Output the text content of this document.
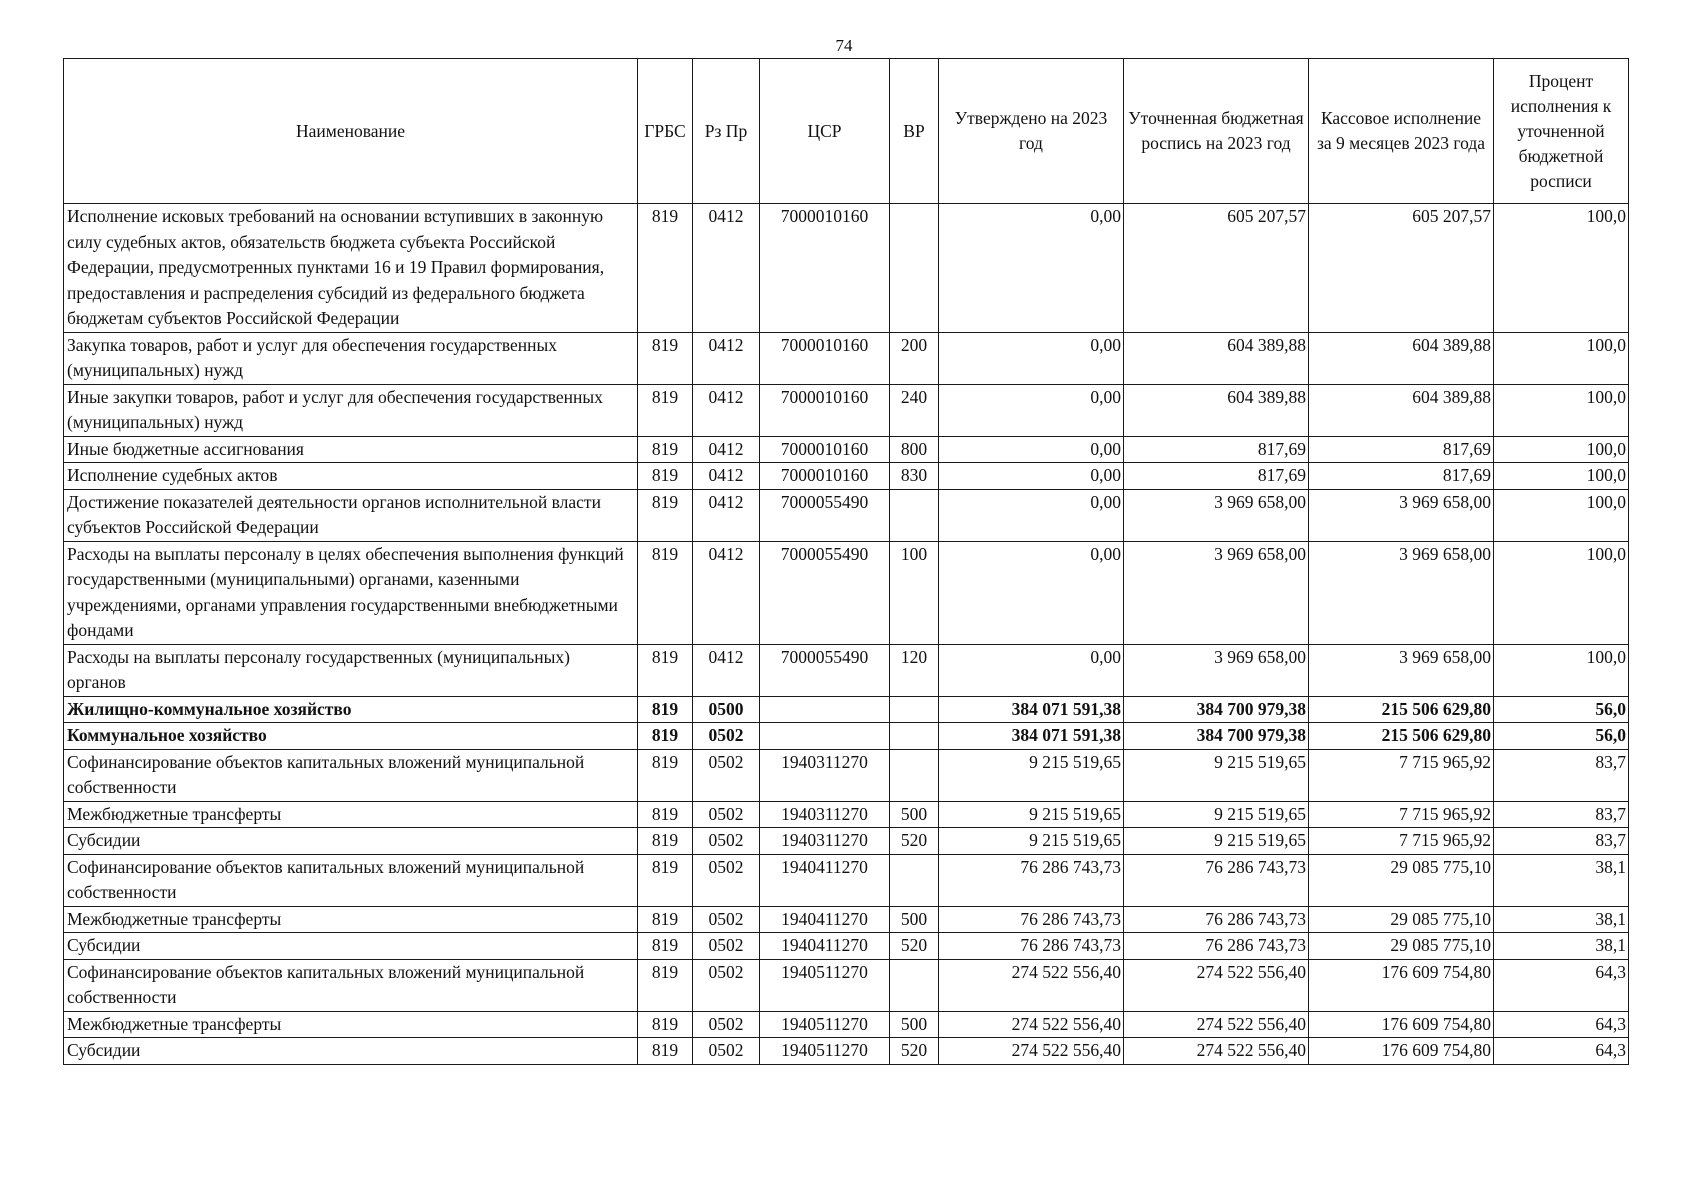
74
Наименование	ГРБС	Рз Пр	ЦСР	ВР	Утверждено на 2023 год	Уточненная бюджетная роспись на 2023 год	Кассовое исполнение за 9 месяцев 2023 года	Процент исполнения к уточненной бюджетной росписи
Исполнение исковых требований на основании вступивших в законную силу судебных актов, обязательств бюджета субъекта Российской Федерации, предусмотренных пунктами 16 и 19 Правил формирования, предоставления и распределения субсидий из федерального бюджета бюджетам субъектов Российской Федерации	819	0412	7000010160		0,00	605 207,57	605 207,57	100,0
Закупка товаров, работ и услуг для обеспечения государственных (муниципальных) нужд	819	0412	7000010160	200	0,00	604 389,88	604 389,88	100,0
Иные закупки товаров, работ и услуг для обеспечения государственных (муниципальных) нужд	819	0412	7000010160	240	0,00	604 389,88	604 389,88	100,0
Иные бюджетные ассигнования	819	0412	7000010160	800	0,00	817,69	817,69	100,0
Исполнение судебных актов	819	0412	7000010160	830	0,00	817,69	817,69	100,0
Достижение показателей деятельности органов исполнительной власти субъектов Российской Федерации	819	0412	7000055490		0,00	3 969 658,00	3 969 658,00	100,0
Расходы на выплаты персоналу в целях обеспечения выполнения функций государственными (муниципальными) органами, казенными учреждениями, органами управления государственными внебюджетными фондами	819	0412	7000055490	100	0,00	3 969 658,00	3 969 658,00	100,0
Расходы на выплаты персоналу государственных (муниципальных) органов	819	0412	7000055490	120	0,00	3 969 658,00	3 969 658,00	100,0
Жилищно-коммунальное хозяйство	819	0500			384 071 591,38	384 700 979,38	215 506 629,80	56,0
Коммунальное хозяйство	819	0502			384 071 591,38	384 700 979,38	215 506 629,80	56,0
Софинансирование объектов капитальных вложений муниципальной собственности	819	0502	1940311270		9 215 519,65	9 215 519,65	7 715 965,92	83,7
Межбюджетные трансферты	819	0502	1940311270	500	9 215 519,65	9 215 519,65	7 715 965,92	83,7
Субсидии	819	0502	1940311270	520	9 215 519,65	9 215 519,65	7 715 965,92	83,7
Софинансирование объектов капитальных вложений муниципальной собственности	819	0502	1940411270		76 286 743,73	76 286 743,73	29 085 775,10	38,1
Межбюджетные трансферты	819	0502	1940411270	500	76 286 743,73	76 286 743,73	29 085 775,10	38,1
Субсидии	819	0502	1940411270	520	76 286 743,73	76 286 743,73	29 085 775,10	38,1
Софинансирование объектов капитальных вложений муниципальной собственности	819	0502	1940511270		274 522 556,40	274 522 556,40	176 609 754,80	64,3
Межбюджетные трансферты	819	0502	1940511270	500	274 522 556,40	274 522 556,40	176 609 754,80	64,3
Субсидии	819	0502	1940511270	520	274 522 556,40	274 522 556,40	176 609 754,80	64,3
